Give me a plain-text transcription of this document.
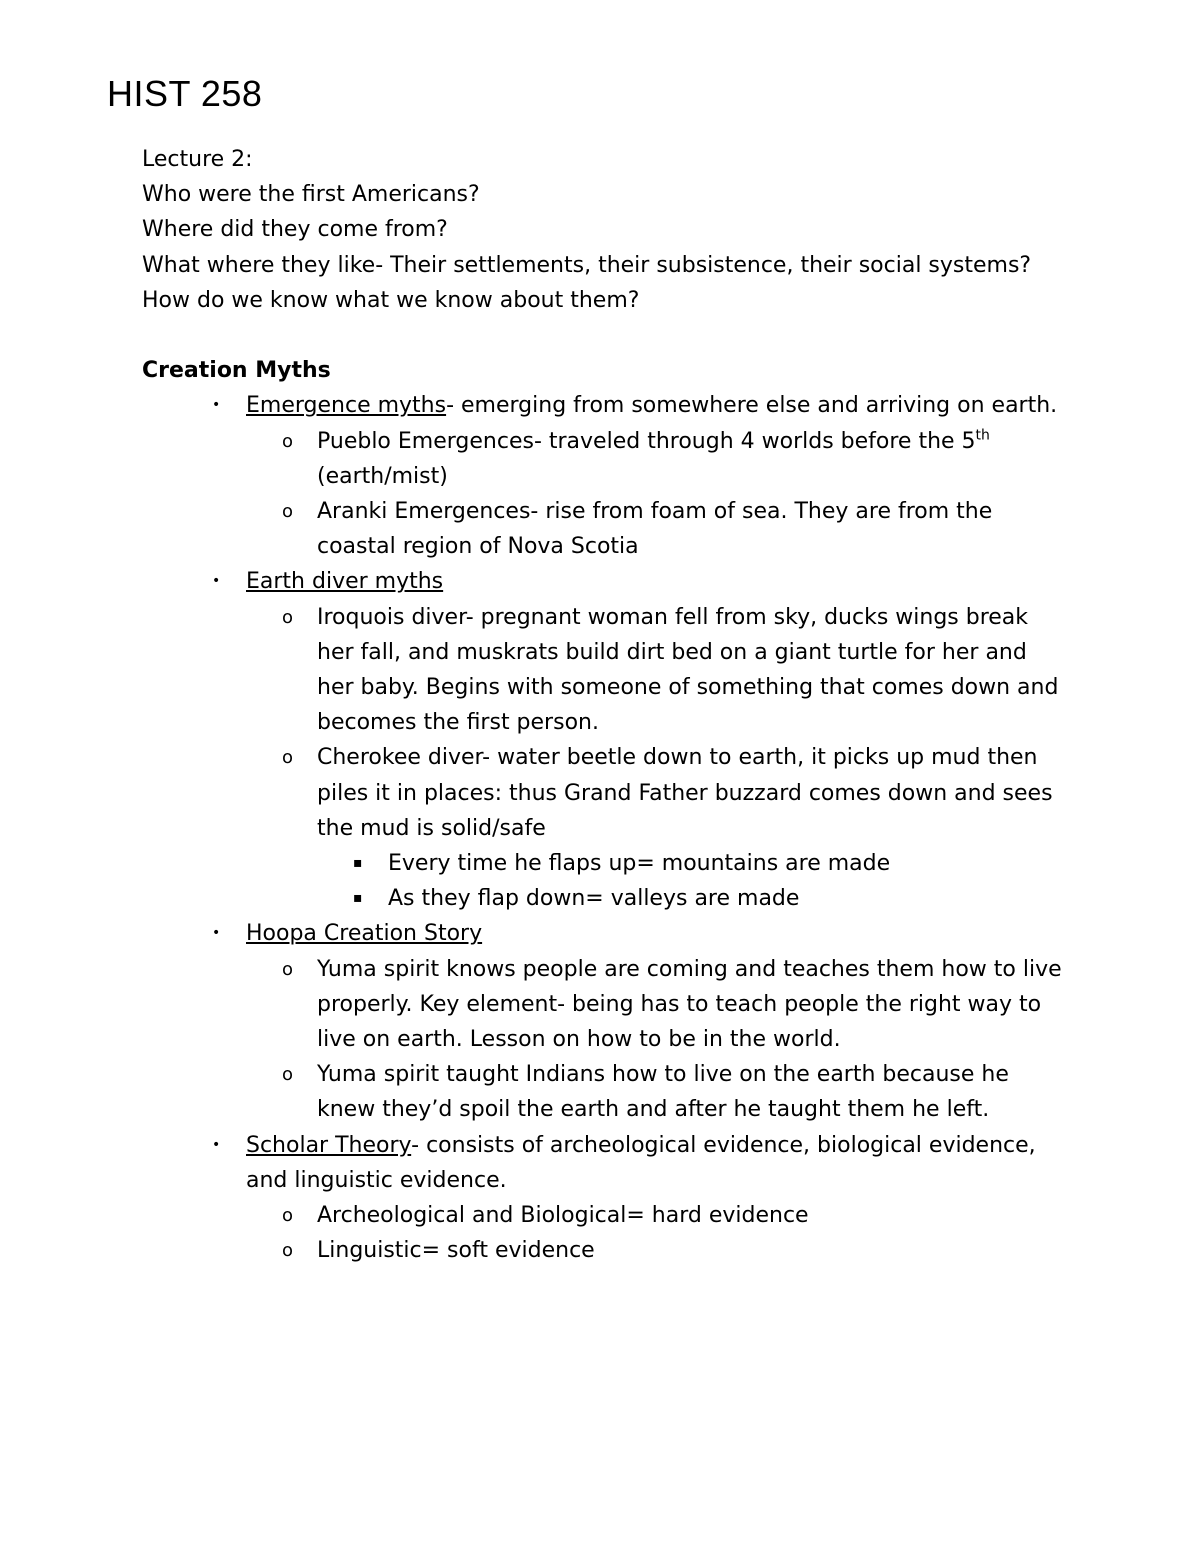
HIST 258

Lecture 2:

Who were the first Americans?

Where did they come from?

What where they like- Their settlements, their subsistence, their social systems?

How do we know what we know about them?

Creation Myths

• Emergence myths- emerging from somewhere else and arriving on earth.
o Pueblo Emergences- traveled through 4 worlds before the 5th (earth/mist)
o Aranki Emergences- rise from foam of sea. They are from the coastal region of Nova Scotia
• Earth diver myths
o Iroquois diver- pregnant woman fell from sky, ducks wings break her fall, and muskrats build dirt bed on a giant turtle for her and her baby. Begins with someone of something that comes down and becomes the first person.
o Cherokee diver- water beetle down to earth, it picks up mud then piles it in places: thus Grand Father buzzard comes down and sees the mud is solid/safe
▪ Every time he flaps up= mountains are made
▪ As they flap down= valleys are made
• Hoopa Creation Story
o Yuma spirit knows people are coming and teaches them how to live properly. Key element- being has to teach people the right way to live on earth. Lesson on how to be in the world.
o Yuma spirit taught Indians how to live on the earth because he knew they’d spoil the earth and after he taught them he left.
• Scholar Theory- consists of archeological evidence, biological evidence, and linguistic evidence.
o Archeological and Biological= hard evidence
o Linguistic= soft evidence
